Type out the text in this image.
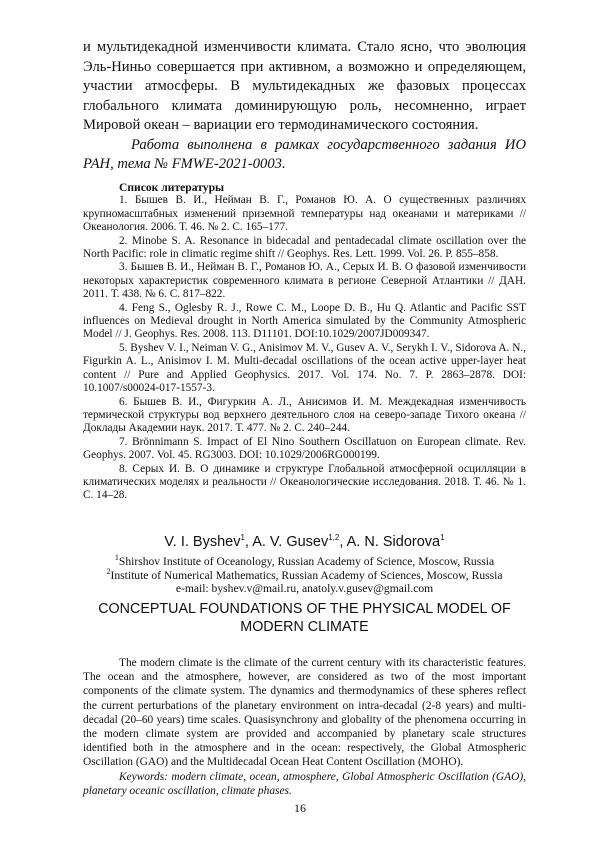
и мультидекадной изменчивости климата. Стало ясно, что эволюция Эль-Ниньо совершается при активном, а возможно и определяющем, участии атмосферы. В мультидекадных же фазовых процессах глобального климата доминирующую роль, несомненно, играет Мировой океан – вариации его термодинамического состояния.
Работа выполнена в рамках государственного задания ИО РАН, тема № FMWE-2021-0003.
Список литературы
1. Бышев В. И., Нейман В. Г., Романов Ю. А. О существенных различиях крупномасштабных изменений приземной температуры над океанами и материками // Океанология. 2006. Т. 46. № 2. С. 165–177.
2. Minobe S. A. Resonance in bidecadal and pentadecadal climate oscillation over the North Pacific: role in climatic regime shift // Geophys. Res. Lett. 1999. Vol. 26. P. 855–858.
3. Бышев В. И., Нейман В. Г., Романов Ю. А., Серых И. В. О фазовой изменчивости некоторых характеристик современного климата в регионе Северной Атлантики // ДАН. 2011. Т. 438. № 6. С. 817–822.
4. Feng S., Oglesby R. J., Rowe C. M., Loope D. B., Hu Q. Atlantic and Pacific SST influences on Medieval drought in North America simulated by the Community Atmospheric Model // J. Geophys. Res. 2008. 113. D11101. DOI:10.1029/2007JD009347.
5. Byshev V. I., Neiman V. G., Anisimov M. V., Gusev A. V., Serykh I. V., Sidorova A. N., Figurkin A. L., Anisimov I. M. Multi-decadal oscillations of the ocean active upper-layer heat content // Pure and Applied Geophysics. 2017. Vol. 174. No. 7. P. 2863–2878. DOI: 10.1007/s00024-017-1557-3.
6. Бышев В. И., Фигуркин А. Л., Анисимов И. М. Междекадная изменчивость термической структуры вод верхнего деятельного слоя на северо-западе Тихого океана // Доклады Академии наук. 2017. Т. 477. № 2. С. 240–244.
7. Brönnimann S. Impact of El Nino Southern Oscillatuon on European climate. Rev. Geophys. 2007. Vol. 45. RG3003. DOI: 10.1029/2006RG000199.
8. Серых И. В. О динамике и структуре Глобальной атмосферной осцилляции в климатических моделях и реальности // Океанологические исследования. 2018. Т. 46. № 1. С. 14–28.
V. I. Byshev$^1$, A. V. Gusev$^{1,2}$, A. N. Sidorova$^1$
$^1$Shirshov Institute of Oceanology, Russian Academy of Science, Moscow, Russia
$^2$Institute of Numerical Mathematics, Russian Academy of Sciences, Moscow, Russia
e-mail: byshev.v@mail.ru, anatoly.v.gusev@gmail.com
CONCEPTUAL FOUNDATIONS OF THE PHYSICAL MODEL OF
MODERN CLIMATE
The modern climate is the climate of the current century with its characteristic features. The ocean and the atmosphere, however, are considered as two of the most important components of the climate system. The dynamics and thermodynamics of these spheres reflect the current perturbations of the planetary environment on intra-decadal (2-8 years) and multi-decadal (20–60 years) time scales. Quasisynchrony and globality of the phenomena occurring in the modern climate system are provided and accompanied by planetary scale structures identified both in the atmosphere and in the ocean: respectively, the Global Atmospheric Oscillation (GAO) and the Multidecadal Ocean Heat Content Oscillation (MOHO).
Keywords: modern climate, ocean, atmosphere, Global Atmospheric Oscillation (GAO), planetary oceanic oscillation, climate phases.
16
